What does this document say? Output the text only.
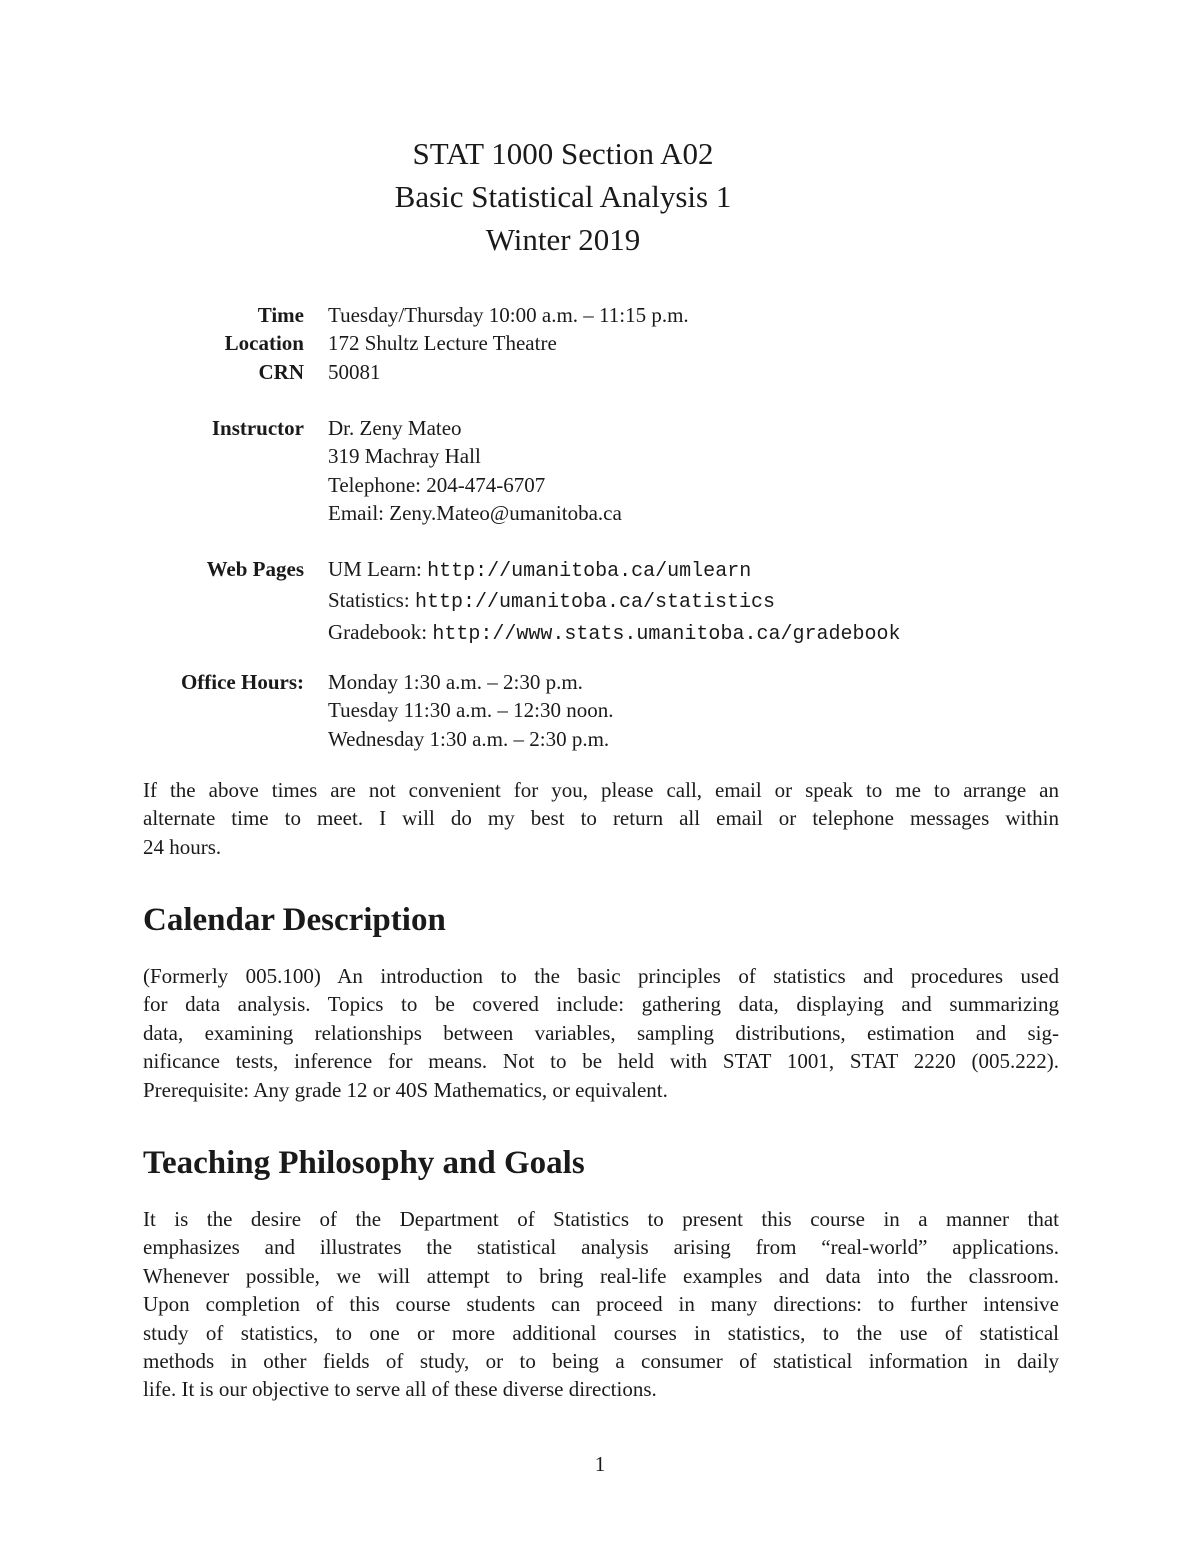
STAT 1000 Section A02
Basic Statistical Analysis 1
Winter 2019
Time Tuesday/Thursday 10:00 a.m. – 11:15 p.m.
Location 172 Shultz Lecture Theatre
CRN 50081
Instructor Dr. Zeny Mateo
319 Machray Hall
Telephone: 204-474-6707
Email: Zeny.Mateo@umanitoba.ca
Web Pages UM Learn: http://umanitoba.ca/umlearn
Statistics: http://umanitoba.ca/statistics
Gradebook: http://www.stats.umanitoba.ca/gradebook
Office Hours: Monday 1:30 a.m. – 2:30 p.m.
Tuesday 11:30 a.m. – 12:30 noon.
Wednesday 1:30 a.m. – 2:30 p.m.
If the above times are not convenient for you, please call, email or speak to me to arrange an
alternate time to meet. I will do my best to return all email or telephone messages within
24 hours.
Calendar Description
(Formerly 005.100) An introduction to the basic principles of statistics and procedures used
for data analysis. Topics to be covered include: gathering data, displaying and summarizing
data, examining relationships between variables, sampling distributions, estimation and sig-
nificance tests, inference for means. Not to be held with STAT 1001, STAT 2220 (005.222).
Prerequisite: Any grade 12 or 40S Mathematics, or equivalent.
Teaching Philosophy and Goals
It is the desire of the Department of Statistics to present this course in a manner that
emphasizes and illustrates the statistical analysis arising from “real-world” applications.
Whenever possible, we will attempt to bring real-life examples and data into the classroom.
Upon completion of this course students can proceed in many directions: to further intensive
study of statistics, to one or more additional courses in statistics, to the use of statistical
methods in other fields of study, or to being a consumer of statistical information in daily
life. It is our objective to serve all of these diverse directions.
1
